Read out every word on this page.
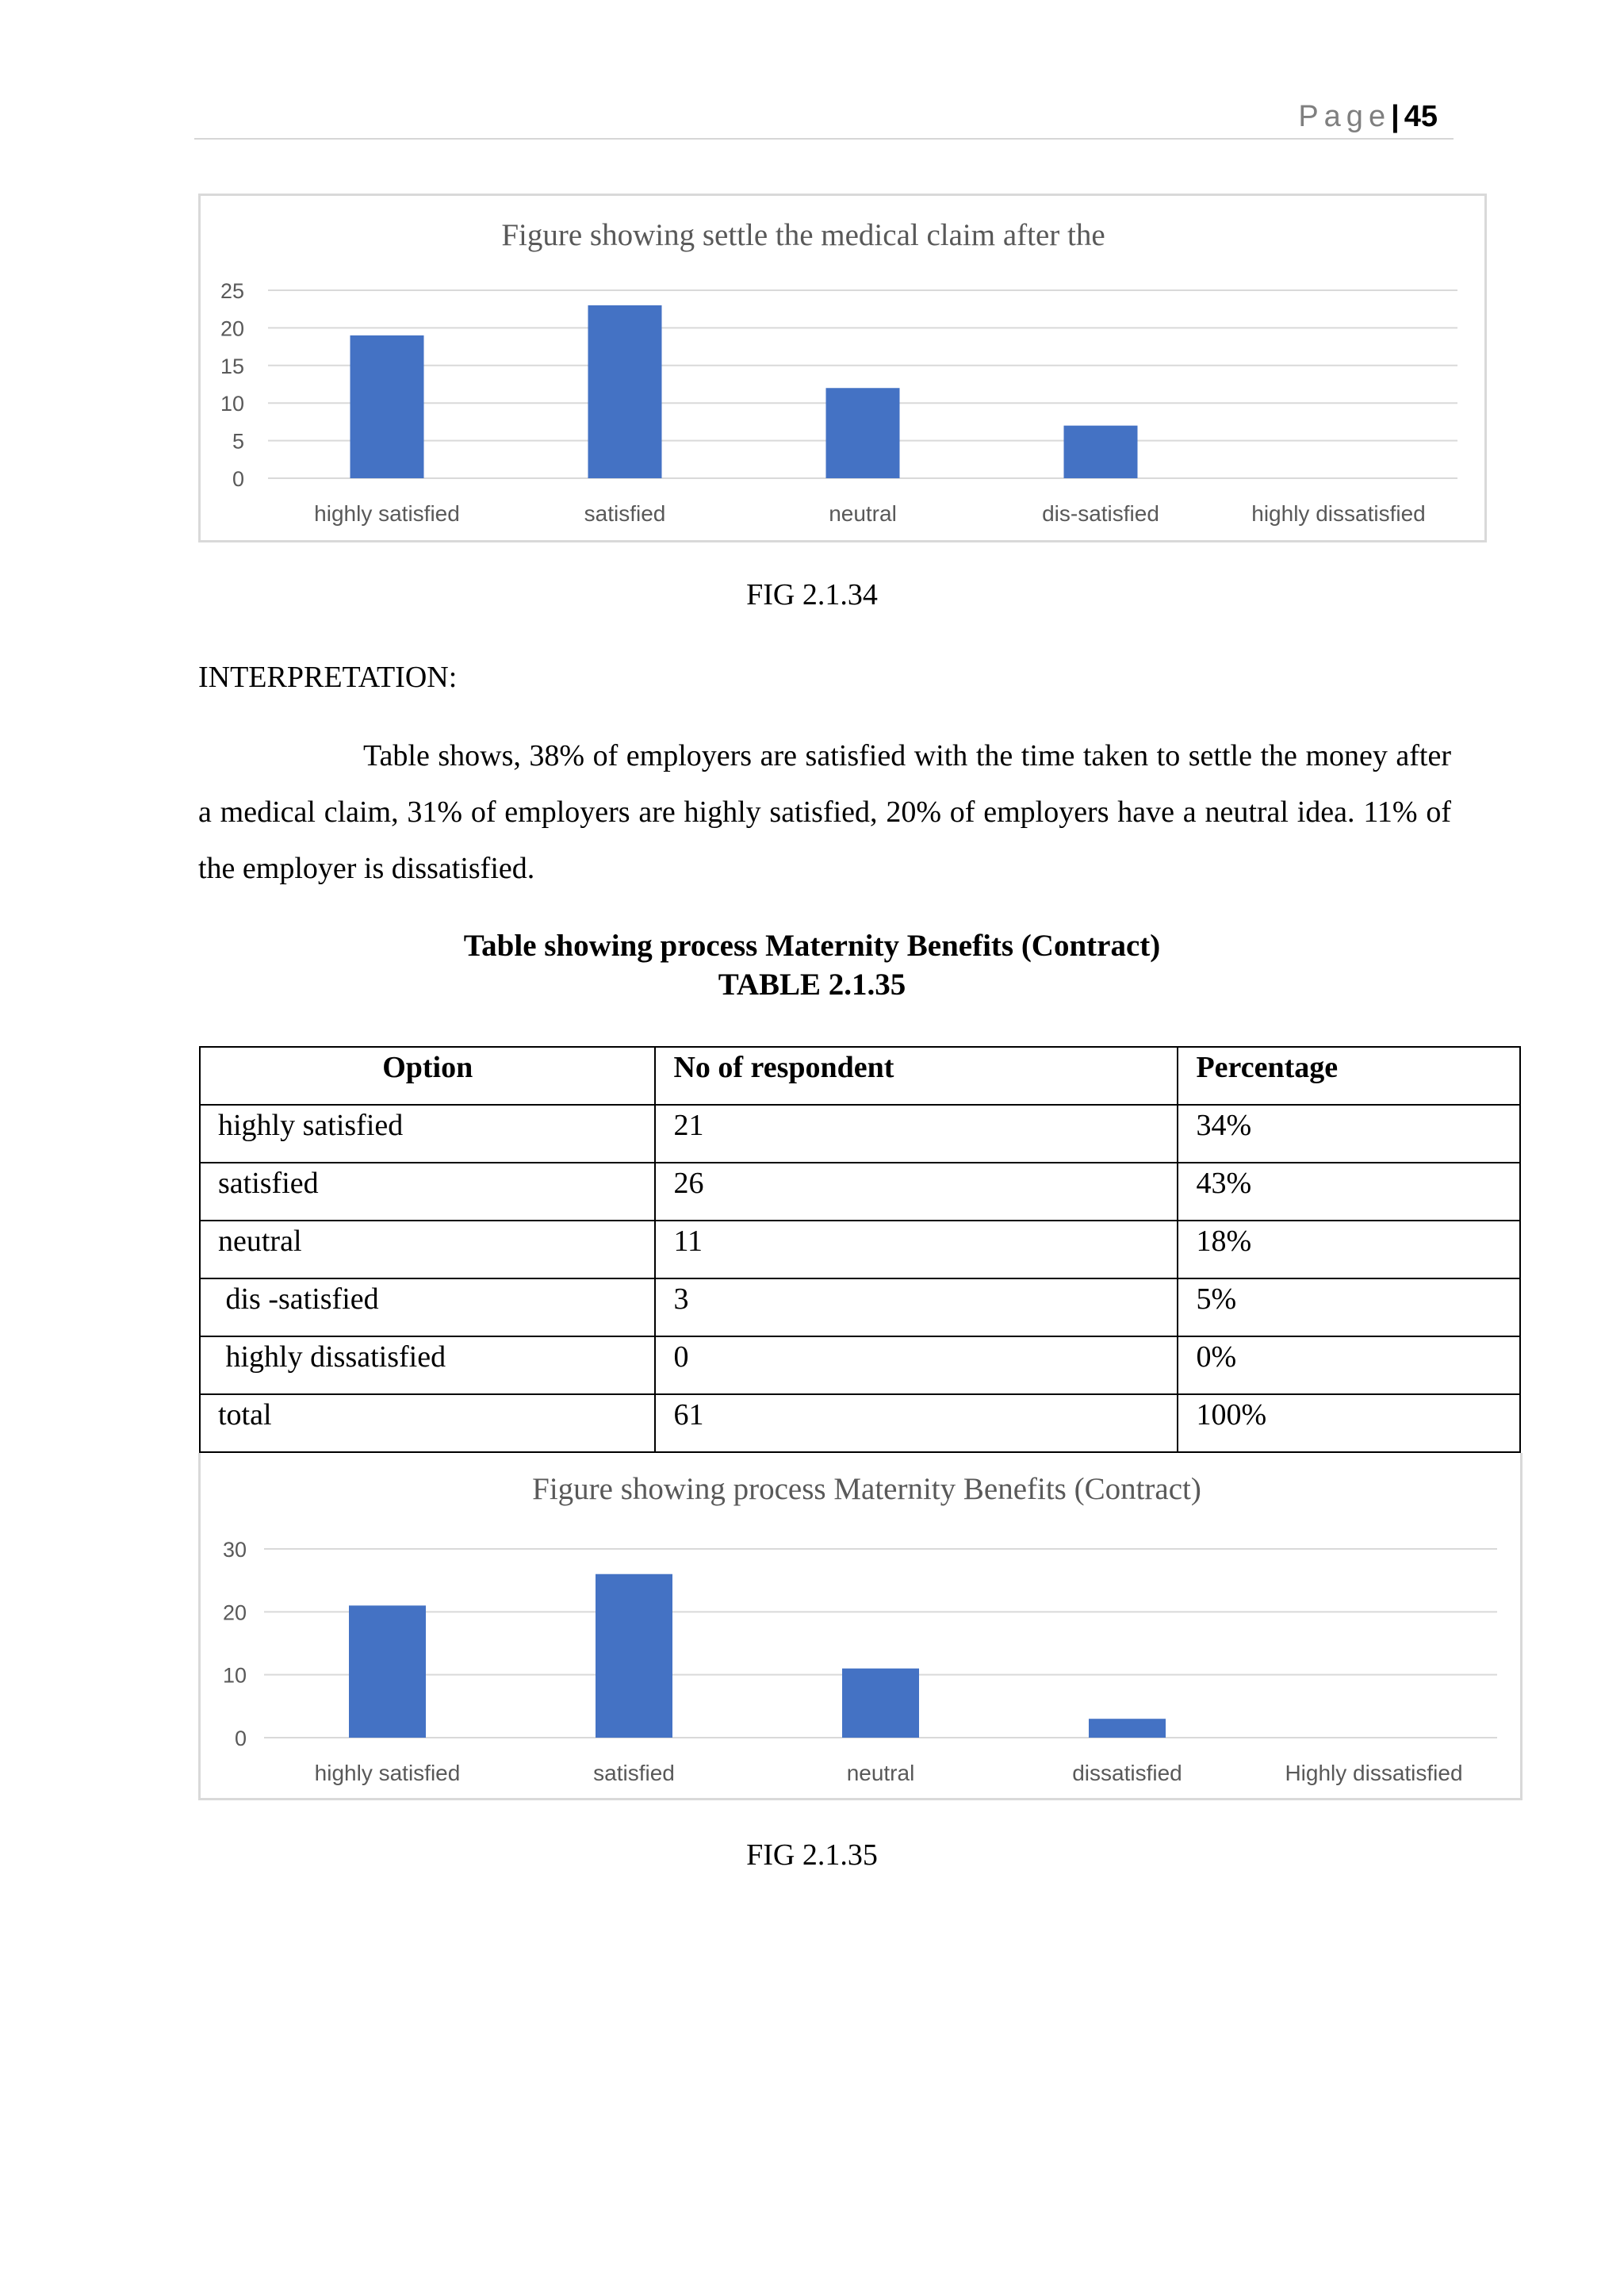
Page| 45
Figure showing settle the medical claim after the
0
5
10
15
20
25
highly satisfied	satisfied	neutral	dis-satisfied	highly dissatisfied
FIG 2.1.34
INTERPRETATION:

Table shows, 38% of employers are satisfied with the time taken to settle the money after a medical claim, 31% of employers are highly satisfied, 20% of employers have a neutral idea. 11% of the employer is dissatisfied.

Table showing process Maternity Benefits (Contract)
TABLE 2.1.35
Option	No of respondent	Percentage
highly satisfied	21	34%
satisfied	26	43%
neutral	11	18%
dis -satisfied	3	5%
highly dissatisfied	0	0%
total	61	100%
Figure showing process Maternity Benefits (Contract)
0
10
20
30
highly satisfied	satisfied	neutral	dissatisfied	Highly dissatisfied
FIG 2.1.35
